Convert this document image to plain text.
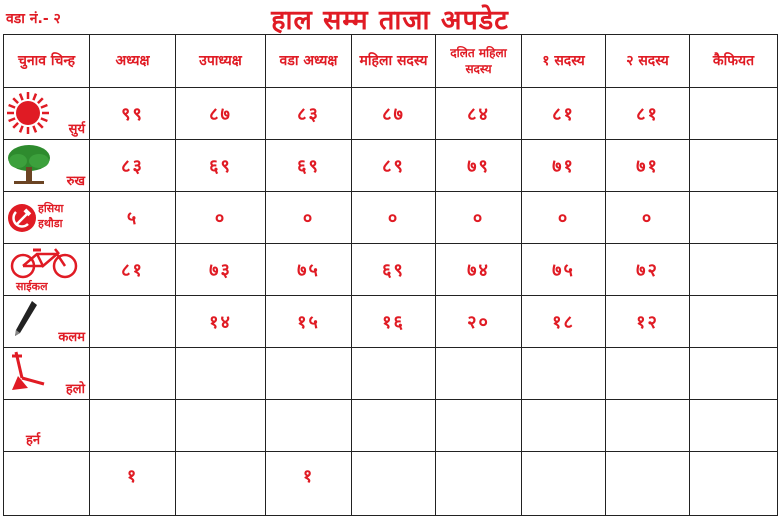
वडा नं.- २	हाल सम्म ताजा अपडेट
चुनाव चिन्ह	अध्यक्ष	उपाध्यक्ष	वडा अध्यक्ष	महिला सदस्य	दलित महिला सदस्य	१ सदस्य	२ सदस्य	कैफियत

सुर्य	९९	८७	८३	८७	८४	८१	८१	

रुख	८३	६९	६९	८९	७९	७१	७१	

हसिया हथौडा	५	०	०	०	०	०	०	

साईकल	८१	७३	७५	६९	७४	७५	७२	

कलम		१४	१५	१६	२०	१८	१२	

हलो								

हर्न								

	१		१					
